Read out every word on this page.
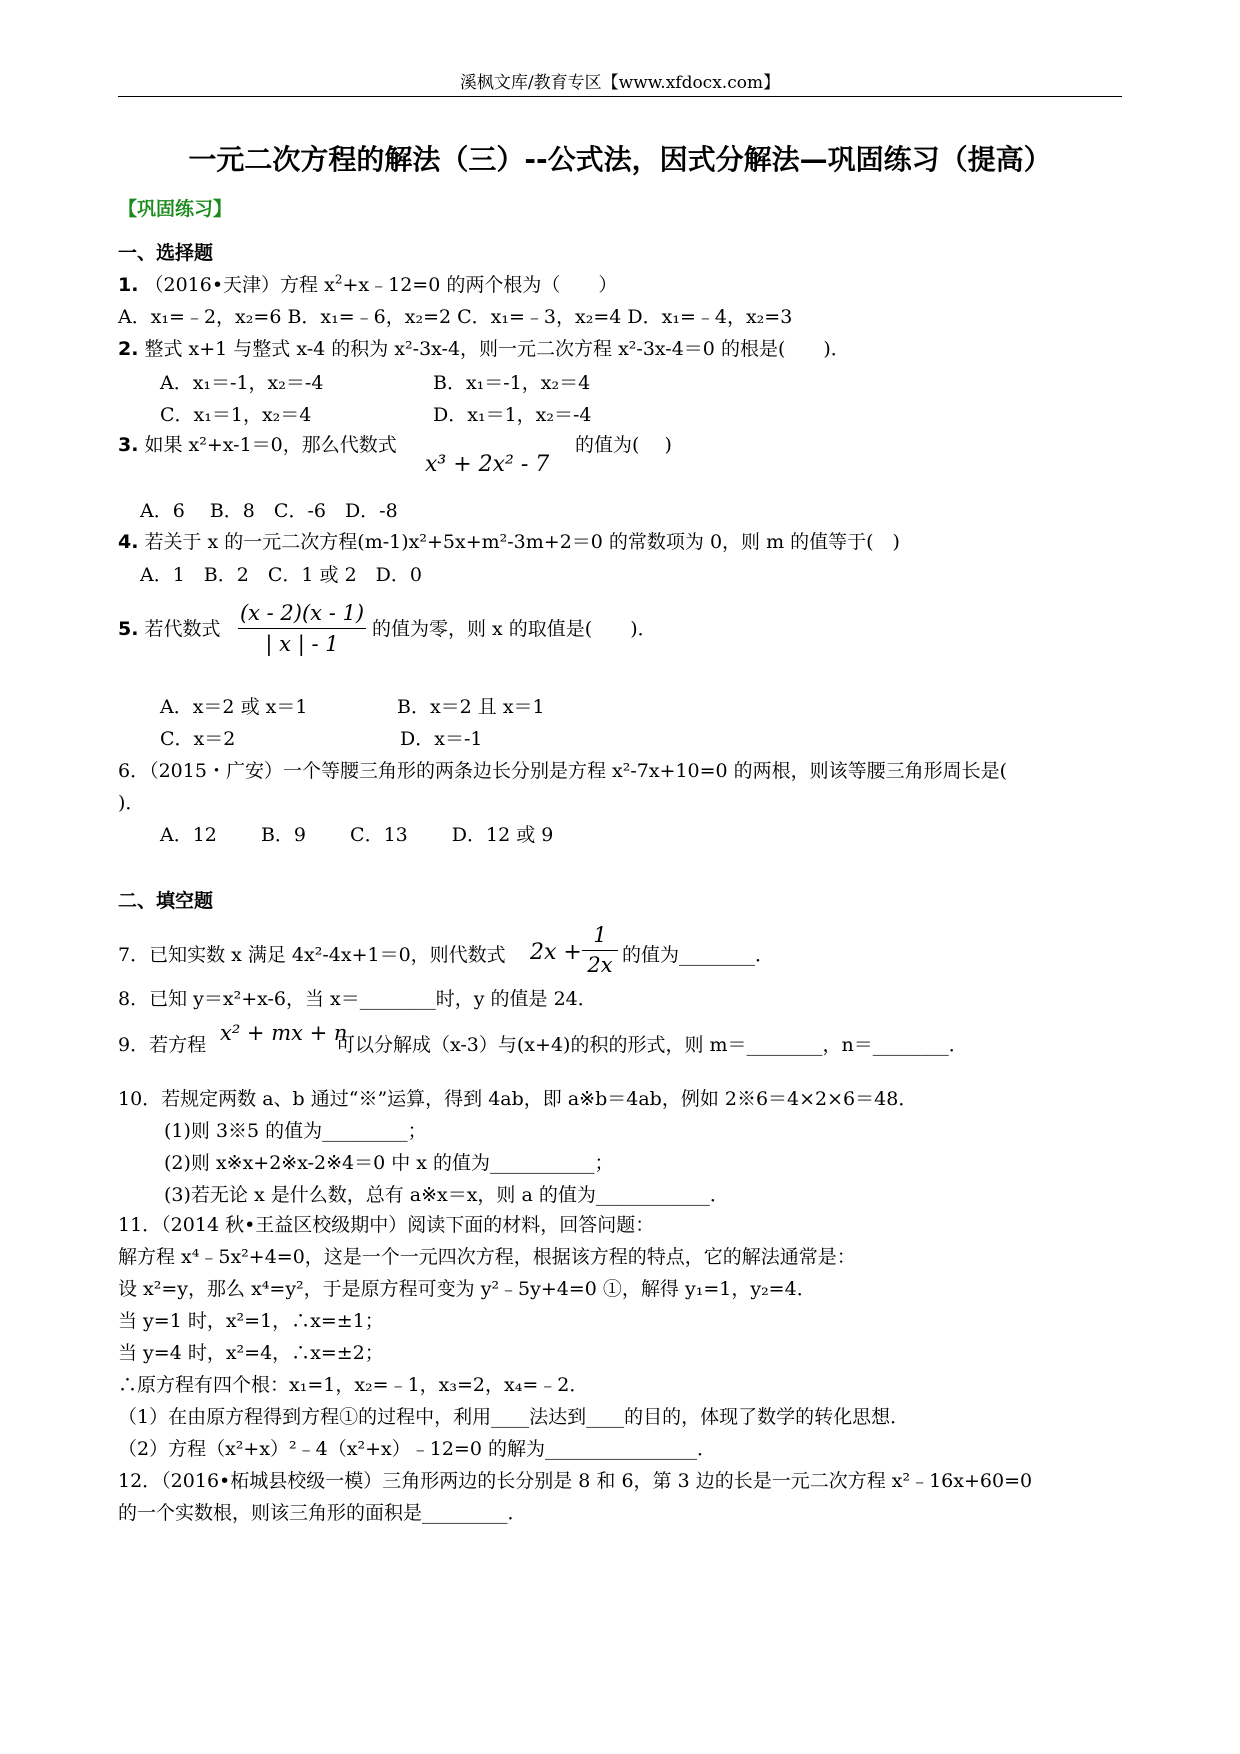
溪枫文库/教育专区【www.xfdocx.com】
一元二次方程的解法（三）--公式法，因式分解法—巩固练习（提高）
【巩固练习】
一、选择题
1. （2016•天津）方程 $x^2+x﹣12=0$ 的两个根为（　　）
A．x₁=﹣2，x₂=6 B．x₁=﹣6，x₂=2 C．x₁=﹣3，x₂=4 D．x₁=﹣4，x₂=3
2. 整式 x+1 与整式 x-4 的积为 x²-3x-4，则一元二次方程 x²-3x-4＝0 的根是(　　)．
A．x₁＝-1，x₂＝-4	B．x₁＝-1，x₂＝4
C．x₁＝1，x₂＝4	D．x₁＝1，x₂＝-4
3. 如果 x²+x-1＝0，那么代数式
x³ + 2x² - 7
的值为(　 )
A．6　 B．8　C．-6　D．-8
4. 若关于 x 的一元二次方程(m-1)x²+5x+m²-3m+2＝0 的常数项为 0，则 m 的值等于(　)
A．1　B．2　C．1 或 2　D．0
5. 若代数式 $\frac{(x - 2)(x - 1)}{| x | - 1}$ 的值为零，则 x 的取值是(　　)．
A．x＝2 或 x＝1	B．x＝2 且 x＝1
C．x＝2	D．x＝-1
6．（2015・广安）一个等腰三角形的两条边长分别是方程 x²-7x+10=0 的两根，则该等腰三角形周长是(
)．
A．12　　 B．9　　 C．13　　 D．12 或 9
二、填空题
7．已知实数 x 满足 4x²-4x+1＝0，则代数式 $2x + \frac{1}{2x}$ 的值为________．
8．已知 y＝x²+x-6，当 x＝________时，y 的值是 24．
9．若方程 x² + mx + n
可以分解成（x-3）与(x+4)的积的形式，则 m＝________，n＝________．
10．若规定两数 a、b 通过“※”运算，得到 4ab，即 a※b＝4ab，例如 2※6＝4×2×6＝48．
(1)则 3※5 的值为_________；
(2)则 x※x+2※x-2※4＝0 中 x 的值为___________；
(3)若无论 x 是什么数，总有 a※x＝x，则 a 的值为____________．
11．（2014 秋•王益区校级期中）阅读下面的材料，回答问题：
解方程 x⁴﹣5x²+4=0，这是一个一元四次方程，根据该方程的特点，它的解法通常是：
设 x²=y，那么 x⁴=y²，于是原方程可变为 y²﹣5y+4=0 ①，解得 y₁=1，y₂=4．
当 y=1 时，x²=1，∴x=±1；
当 y=4 时，x²=4，∴x=±2；
∴原方程有四个根：x₁=1，x₂=﹣1，x₃=2，x₄=﹣2．
（1）在由原方程得到方程①的过程中，利用____法达到____的目的，体现了数学的转化思想．
（2）方程（x²+x）²﹣4（x²+x）﹣12=0 的解为________________．
12．（2016•柘城县校级一模）三角形两边的长分别是 8 和 6，第 3 边的长是一元二次方程 x²﹣16x+60=0
的一个实数根，则该三角形的面积是_________．
